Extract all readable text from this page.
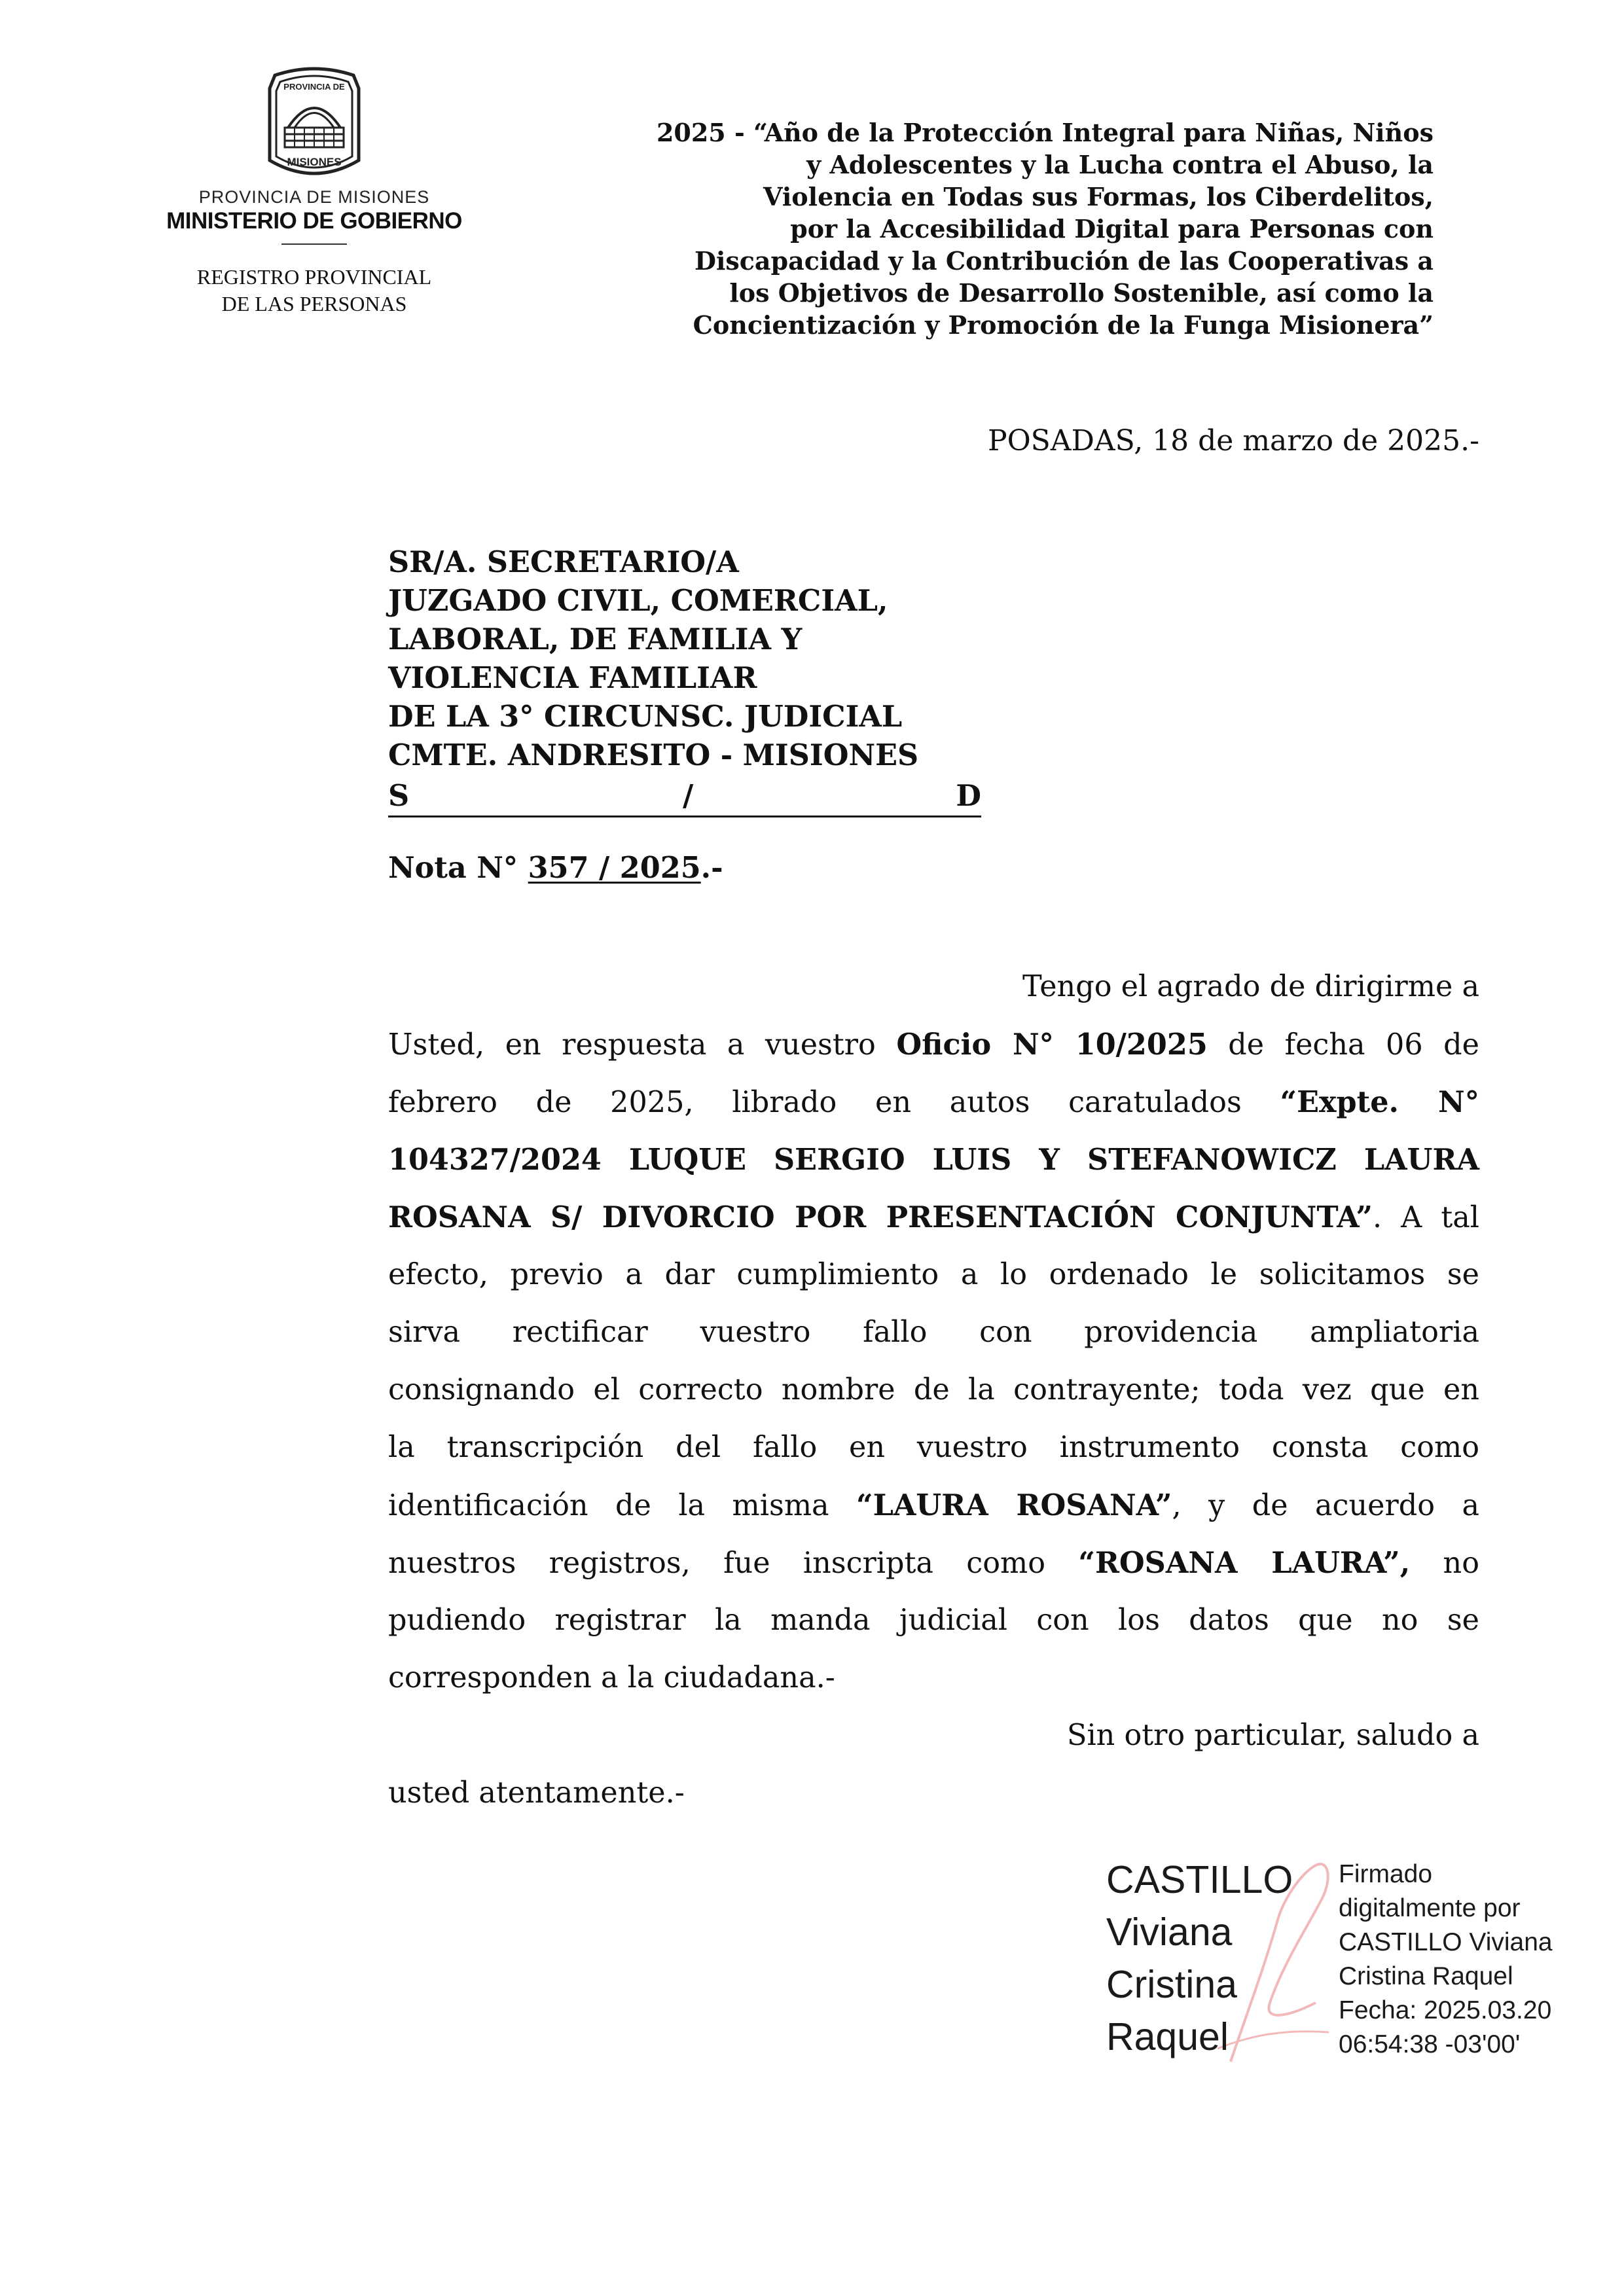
PROVINCIA DE
MISIONES
PROVINCIA DE MISIONES
MINISTERIO DE GOBIERNO
REGISTRO PROVINCIAL
DE LAS PERSONAS
2025 - “Año de la Protección Integral para Niñas, Niños
y Adolescentes y la Lucha contra el Abuso, la
Violencia en Todas sus Formas, los Ciberdelitos,
por la Accesibilidad Digital para Personas con
Discapacidad y la Contribución de las Cooperativas a
los Objetivos de Desarrollo Sostenible, así como la
Concientización y Promoción de la Funga Misionera”
POSADAS, 18 de marzo de 2025.-
SR/A. SECRETARIO/A
JUZGADO CIVIL, COMERCIAL,
LABORAL, DE FAMILIA Y
VIOLENCIA FAMILIAR
DE LA 3° CIRCUNSC. JUDICIAL
CMTE. ANDRESITO - MISIONES
S	/	D
Nota N° 357 / 2025.-
Tengo el agrado de dirigirme a
Usted, en respuesta a vuestro Oficio N° 10/2025 de fecha 06 de
febrero de 2025, librado en autos caratulados “Expte. N°
104327/2024 LUQUE SERGIO LUIS Y STEFANOWICZ LAURA
ROSANA S/ DIVORCIO POR PRESENTACIÓN CONJUNTA”. A tal
efecto, previo a dar cumplimiento a lo ordenado le solicitamos se
sirva rectificar vuestro fallo con providencia ampliatoria
consignando el correcto nombre de la contrayente; toda vez que en
la transcripción del fallo en vuestro instrumento consta como
identificación de la misma “LAURA ROSANA”, y de acuerdo a
nuestros registros, fue inscripta como “ROSANA LAURA”, no
pudiendo registrar la manda judicial con los datos que no se
corresponden a la ciudadana.-
Sin otro particular, saludo a
usted atentamente.-
CASTILLO
Viviana
Cristina
Raquel
Firmado
digitalmente por
CASTILLO Viviana
Cristina Raquel
Fecha: 2025.03.20
06:54:38 -03'00'
